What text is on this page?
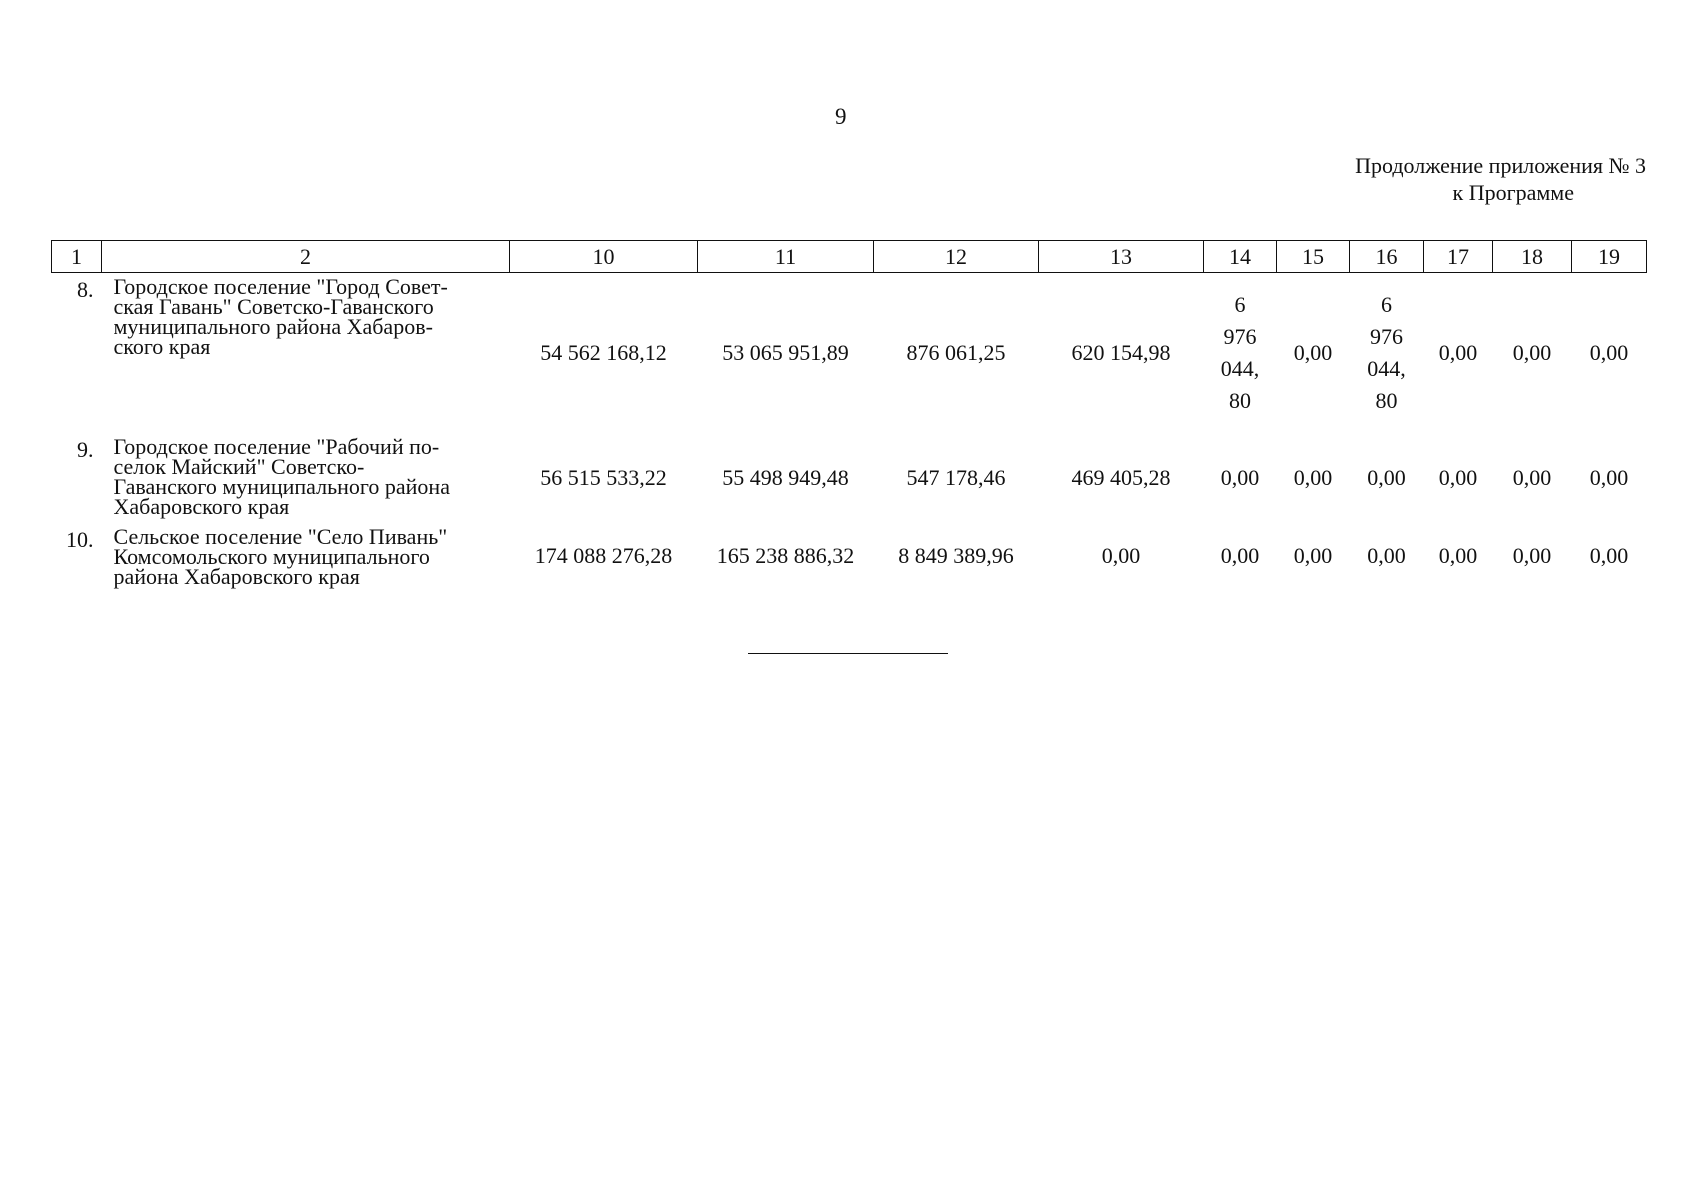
9
Продолжение приложения № 3
к Программе
1	2	10	11	12	13	14	15	16	17	18	19
8.	Городское поселение "Город Совет-
ская Гавань" Советско-Гаванского
муниципального района Хабаров-
ского края	54 562 168,12	53 065 951,89	876 061,25	620 154,98	6
976
044,
80	0,00	6
976
044,
80	0,00	0,00	0,00
9.	Городское поселение "Рабочий по-
селок Майский" Советско-
Гаванского муниципального района
Хабаровского края	56 515 533,22	55 498 949,48	547 178,46	469 405,28	0,00	0,00	0,00	0,00	0,00	0,00
10.	Сельское поселение "Село Пивань"
Комсомольского муниципального
района Хабаровского края	174 088 276,28	165 238 886,32	8 849 389,96	0,00	0,00	0,00	0,00	0,00	0,00	0,00
